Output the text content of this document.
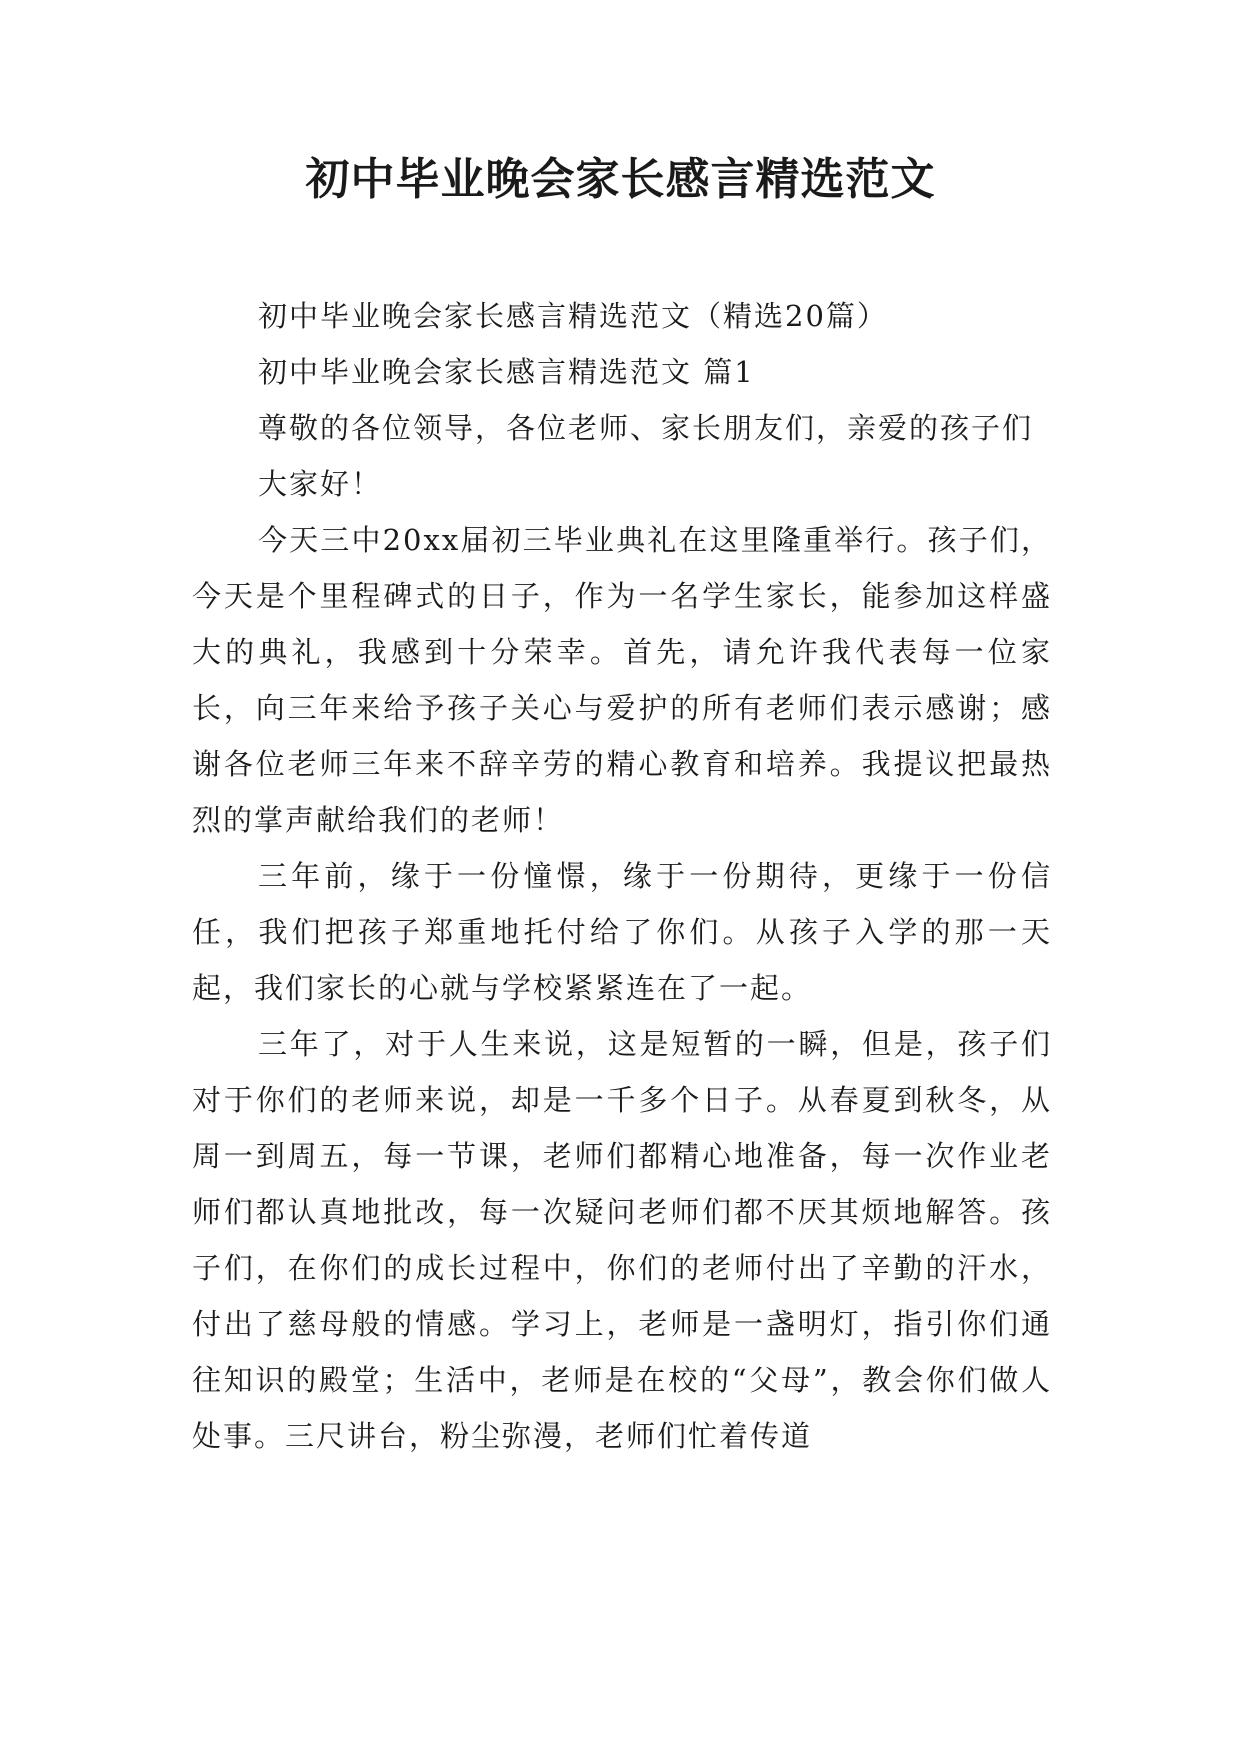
初中毕业晚会家长感言精选范文

初中毕业晚会家长感言精选范文（精选20篇）

初中毕业晚会家长感言精选范文 篇1

尊敬的各位领导，各位老师、家长朋友们，亲爱的孩子们

大家好！

今天三中20xx届初三毕业典礼在这里隆重举行。孩子们，今天是个里程碑式的日子，作为一名学生家长，能参加这样盛大的典礼，我感到十分荣幸。首先，请允许我代表每一位家长，向三年来给予孩子关心与爱护的所有老师们表示感谢；感谢各位老师三年来不辞辛劳的精心教育和培养。我提议把最热烈的掌声献给我们的老师！

三年前，缘于一份憧憬，缘于一份期待，更缘于一份信任，我们把孩子郑重地托付给了你们。从孩子入学的那一天起，我们家长的心就与学校紧紧连在了一起。

三年了，对于人生来说，这是短暂的一瞬，但是，孩子们对于你们的老师来说，却是一千多个日子。从春夏到秋冬，从周一到周五，每一节课，老师们都精心地准备，每一次作业老师们都认真地批改，每一次疑问老师们都不厌其烦地解答。孩子们，在你们的成长过程中，你们的老师付出了辛勤的汗水，付出了慈母般的情感。学习上，老师是一盏明灯，指引你们通往知识的殿堂；生活中，老师是在校的“父母”，教会你们做人处事。三尺讲台，粉尘弥漫，老师们忙着传道
